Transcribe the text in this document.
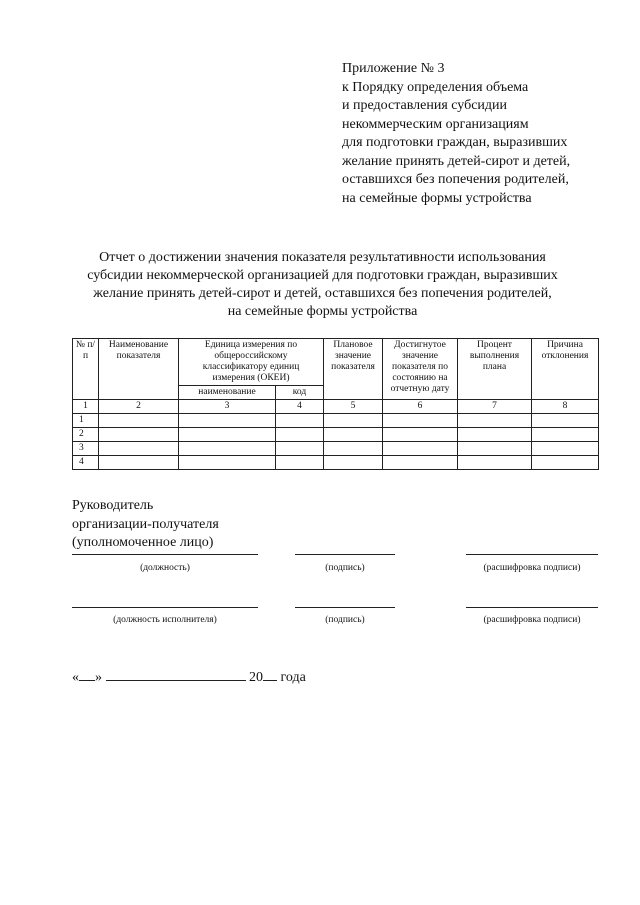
Приложение № 3
к Порядку определения объема
и предоставления субсидии
некоммерческим организациям
для подготовки граждан, выразивших
желание принять детей-сирот и детей,
оставшихся без попечения родителей,
на семейные формы устройства
Отчет о достижении значения показателя результативности использования
субсидии некоммерческой организацией для подготовки граждан, выразивших
желание принять детей-сирот и детей, оставшихся без попечения родителей,
на семейные формы устройства
№ п/п	Наименование показателя	Единица измерения по общероссийскому классификатору единиц измерения (ОКЕИ)		Плановое значение показателя	Достигнутое значение показателя по состоянию на отчетную дату	Процент выполнения плана	Причина отклонения
		наименование	код				
1	2	3	4	5	6	7	8
1							
2							
3							
4							
Руководитель
организации-получателя
(уполномоченное лицо)
(должность)	(подпись)	(расшифровка подписи)
(должность исполнителя)	(подпись)	(расшифровка подписи)
« »	20 года
